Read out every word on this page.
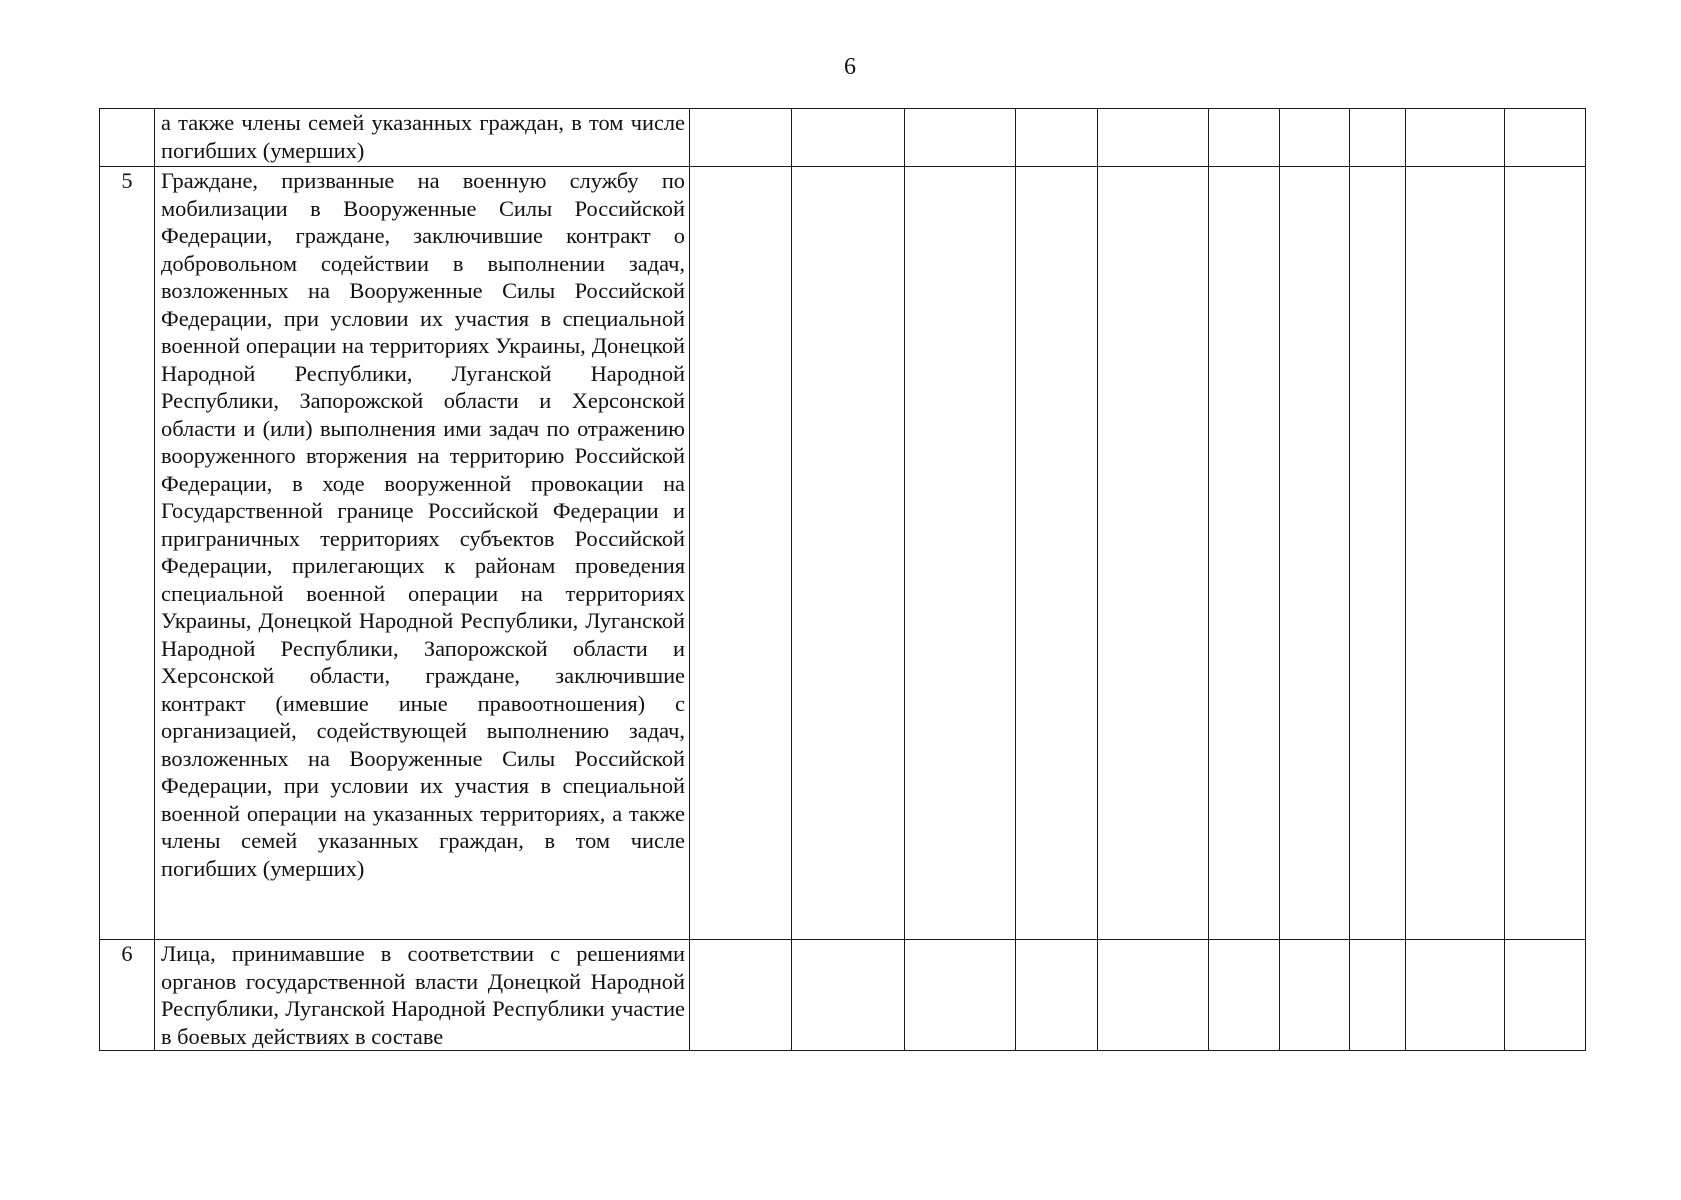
6

	а также члены семей указанных граждан, в том числе погибших (умерших)										

5	Граждане, призванные на военную службу по мобилизации в Вооруженные Силы Российской Федерации, граждане, заключившие контракт о добровольном содействии в выполнении задач, возложенных на Вооруженные Силы Российской Федерации, при условии их участия в специальной военной операции на территориях Украины, Донецкой Народной Республики, Луганской Народной Республики, Запорожской области и Херсонской области и (или) выполнения ими задач по отражению вооруженного вторжения на территорию Российской Федерации, в ходе вооруженной провокации на Государственной границе Российской Федерации и приграничных территориях субъектов Российской Федерации, прилегающих к районам проведения специальной военной операции на территориях Украины, Донецкой Народной Республики, Луганской Народной Республики, Запорожской области и Херсонской области, граждане, заключившие контракт (имевшие иные правоотношения) с организацией, содействующей выполнению задач, возложенных на Вооруженные Силы Российской Федерации, при условии их участия в специальной военной операции на указанных территориях, а также члены семей указанных граждан, в том числе погибших (умерших)										

6	Лица, принимавшие в соответствии с решениями органов государственной власти Донецкой Народной Республики, Луганской Народной Республики участие в боевых действиях в составе										
